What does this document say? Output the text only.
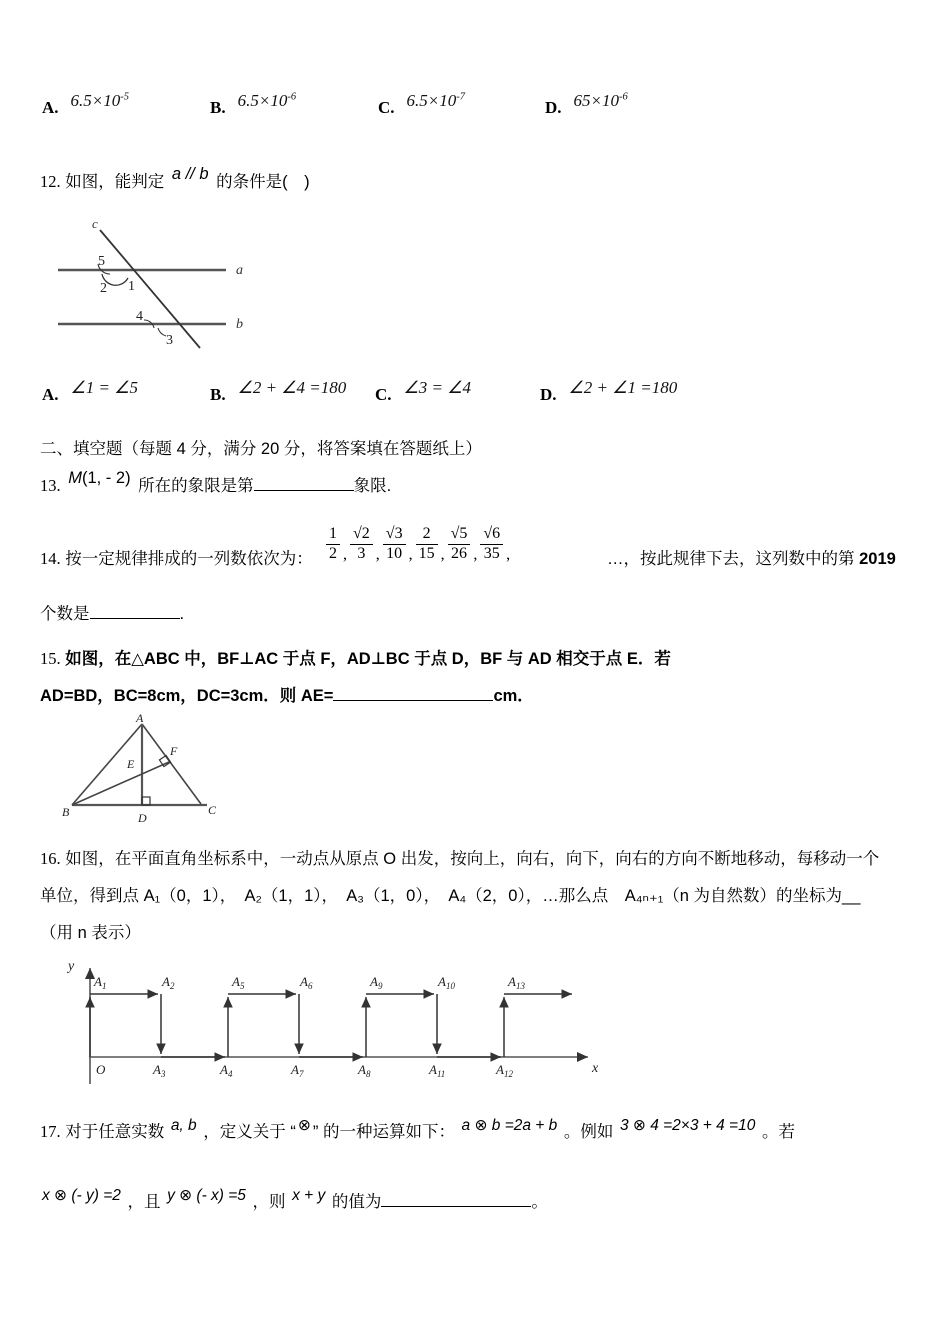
A. $6.5\times 10^{-5}$
B. $6.5\times 10^{-6}$
C. $6.5\times 10^{-7}$
D. $65\times 10^{-6}$
12. 如图，能判定 a // b 的条件是(　)
c
a
b
5
2 1
4
3
A. ∠1 = ∠5	B. ∠2 + ∠4 =180 C. ∠3 = ∠4	D. ∠2 + ∠1 =180
二、填空题（每题 4 分，满分 20 分，将答案填在答题纸上）
13. M(1, - 2) 所在的象限是第	象限.
14. 按一定规律排成的一列数依次为： $\frac{1}{2}$ , $\frac{√2}{3}$ , $\frac{√3}{10}$ , $\frac{2}{15}$ , $\frac{√5}{26}$ , $\frac{√6}{35}$ ,	…，按此规律下去，这列数中的第 2019
个数是	.
15. 如图，在△ABC 中，BF⊥AC 于点 F，AD⊥BC 于点 D，BF 与 AD 相交于点 E．若
AD=BD，BC=8cm，DC=3cm．则 AE=	cm．
A
B	C
D
E
F
16. 如图，在平面直角坐标系中，一动点从原点 O 出发，按向上，向右，向下，向右的方向不断地移动，每移动一个
单位，得到点 A₁（0，1），　A₂（1，1），　A₃（1，0），　A₄（2，0），…那么点　A₄ₙ₊₁（n 为自然数）的坐标为__
（用 n 表示）
y
x
O
$A_1$	$A_2$	$A_5$	$A_6$	$A_9$	$A_{10}$	$A_{13}$
$A_3$	$A_4$	$A_7$	$A_8$	$A_{11}$	$A_{12}$
17. 对于任意实数 a, b ，定义关于 “ ⊗ ” 的一种运算如下： a ⊗ b =2a + b 。例如 3 ⊗ 4 =2×3 + 4 =10 。若
x ⊗ (- y) =2 ，且 y ⊗ (- x) =5 ，则 x + y 的值为	。
